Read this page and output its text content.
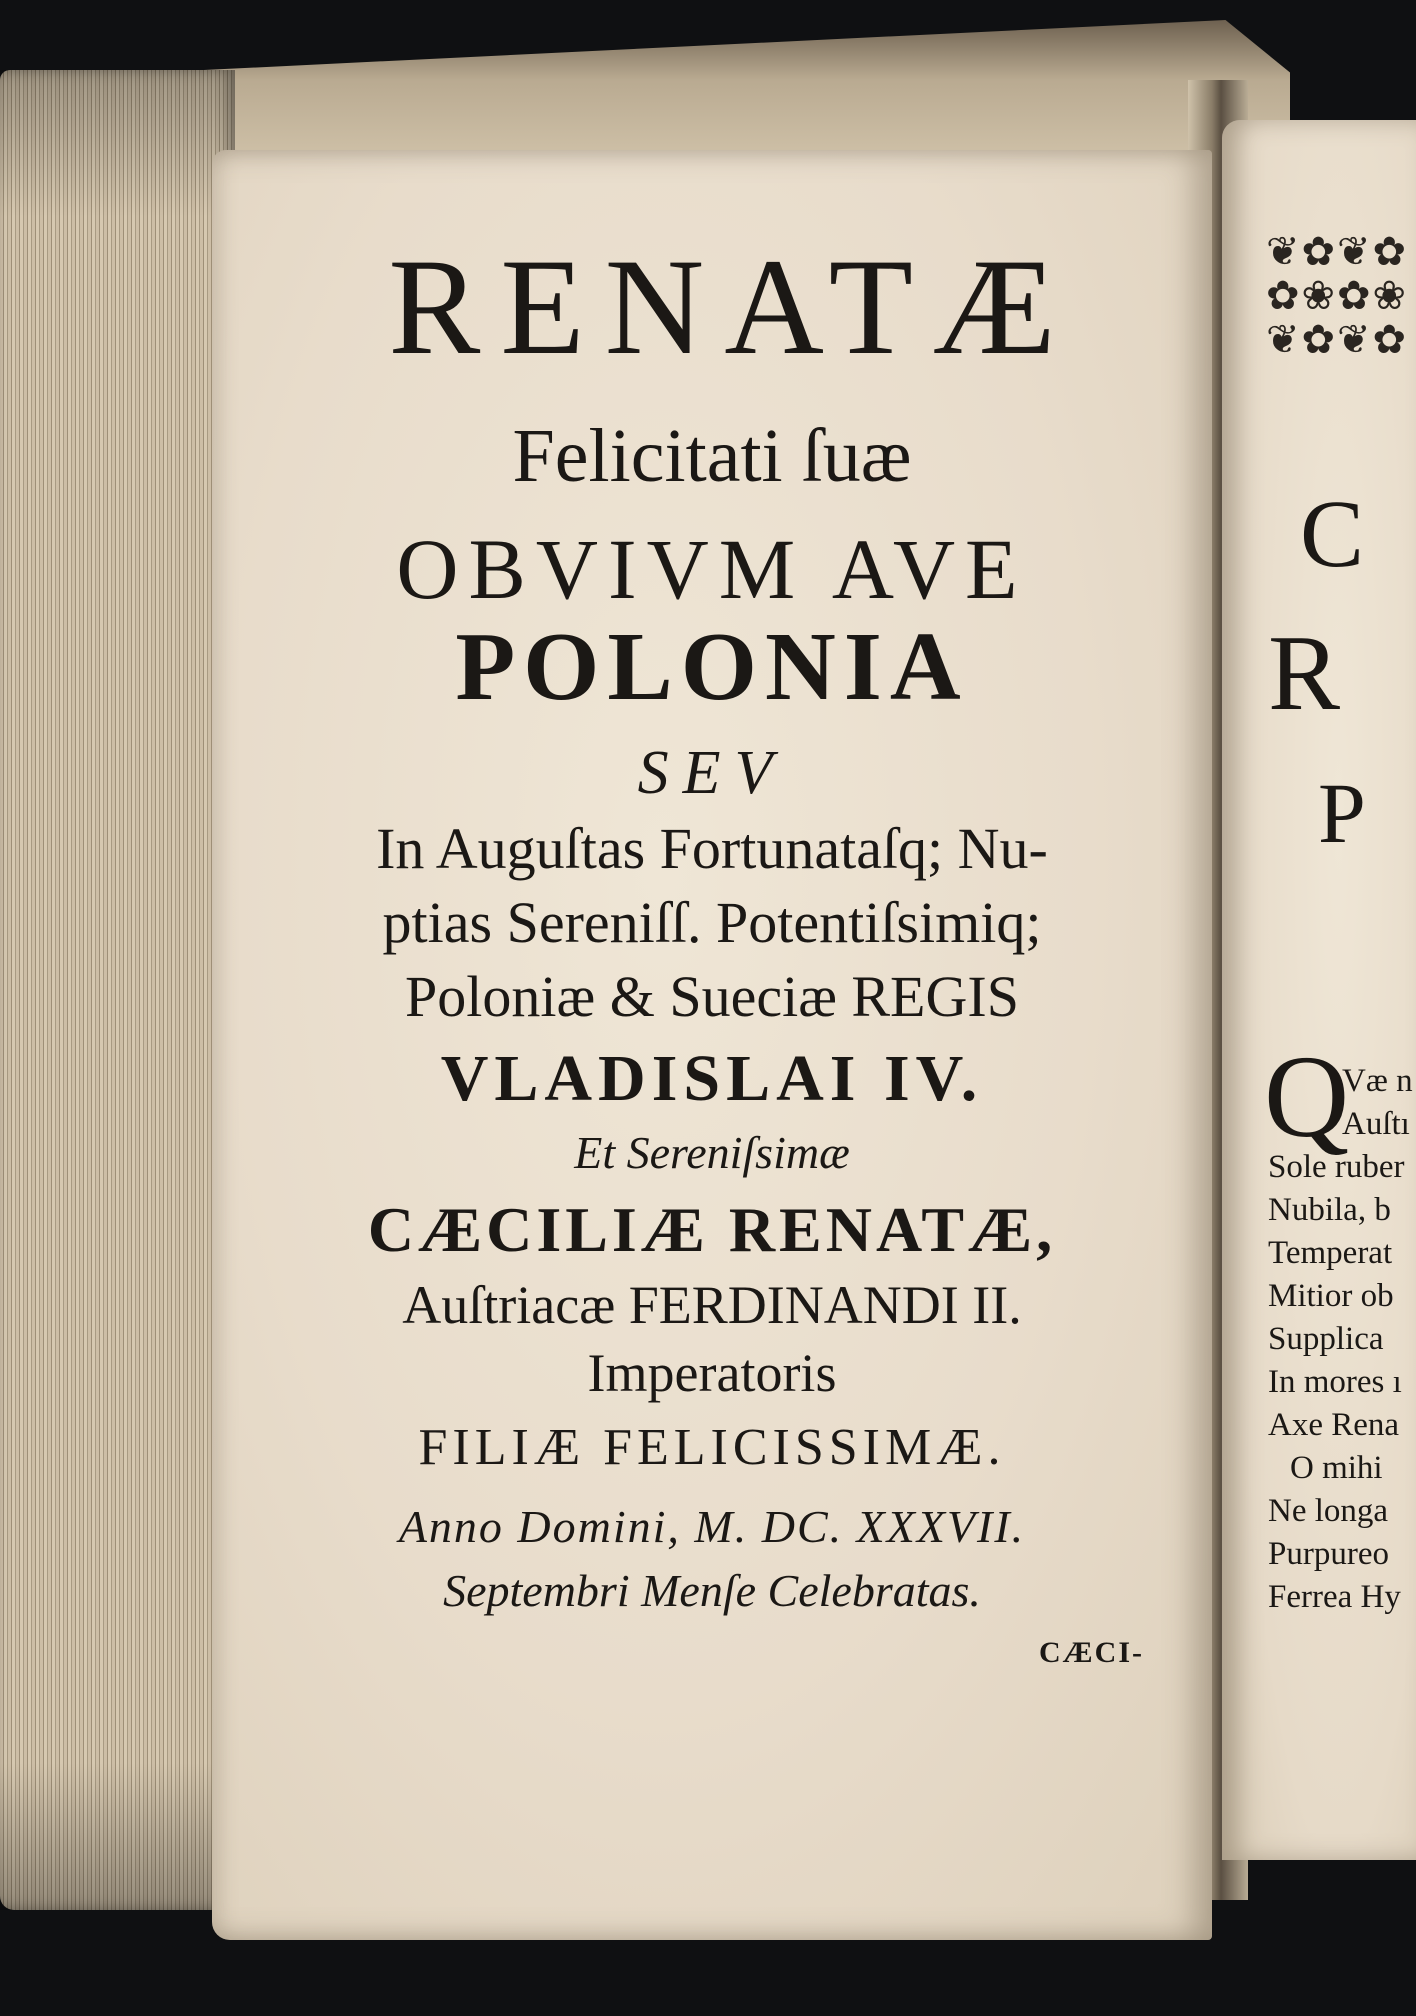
RENATÆ
Felicitati ſuæ
OBVIVM AVE
POLONIA
SEV
In Auguſtas Fortunataſq; Nu-
ptias Sereniſſ. Potentiſsimiq;
Poloniæ & Sueciæ REGIS
VLADISLAI IV.
Et Sereniſsimæ
CÆCILIÆ RENATÆ,
Auſtriacæ FERDINANDI II.
Imperatoris
FILIÆ FELICISSIMÆ.
Anno Domini, M. DC. XXXVII.
Septembri Menſe Celebratas.
CÆCI-
❦✿❦✿
✿❀✿❀
❦✿❦✿
C
R
P
Q
Væ n
Auſtı
Sole ruber
Nubila, b
Temperat
Mitior ob
Supplica
In mores ı
Axe Rena
O mihi
Ne longa
Purpureo
Ferrea Hy
